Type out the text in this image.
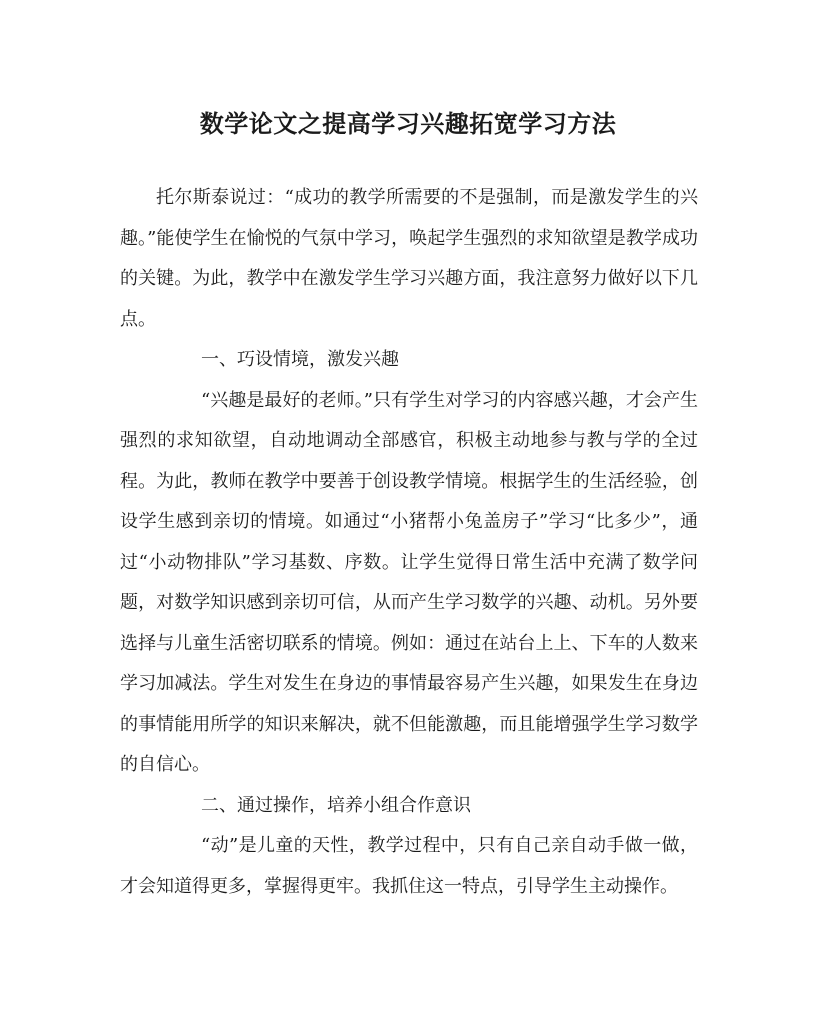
数学论文之提高学习兴趣拓宽学习方法

托尔斯泰说过：“成功的教学所需要的不是强制，而是激发学生的兴趣。”能使学生在愉悦的气氛中学习，唤起学生强烈的求知欲望是教学成功的关键。为此，教学中在激发学生学习兴趣方面，我注意努力做好以下几点。

一、巧设情境，激发兴趣

“兴趣是最好的老师。”只有学生对学习的内容感兴趣，才会产生强烈的求知欲望，自动地调动全部感官，积极主动地参与教与学的全过程。为此，教师在教学中要善于创设教学情境。根据学生的生活经验，创设学生感到亲切的情境。如通过“小猪帮小兔盖房子”学习“比多少”，通过“小动物排队”学习基数、序数。让学生觉得日常生活中充满了数学问题，对数学知识感到亲切可信，从而产生学习数学的兴趣、动机。另外要选择与儿童生活密切联系的情境。例如：通过在站台上上、下车的人数来学习加减法。学生对发生在身边的事情最容易产生兴趣，如果发生在身边的事情能用所学的知识来解决，就不但能激趣，而且能增强学生学习数学的自信心。

二、通过操作，培养小组合作意识

“动”是儿童的天性，教学过程中，只有自己亲自动手做一做，才会知道得更多，掌握得更牢。我抓住这一特点，引导学生主动操作。
